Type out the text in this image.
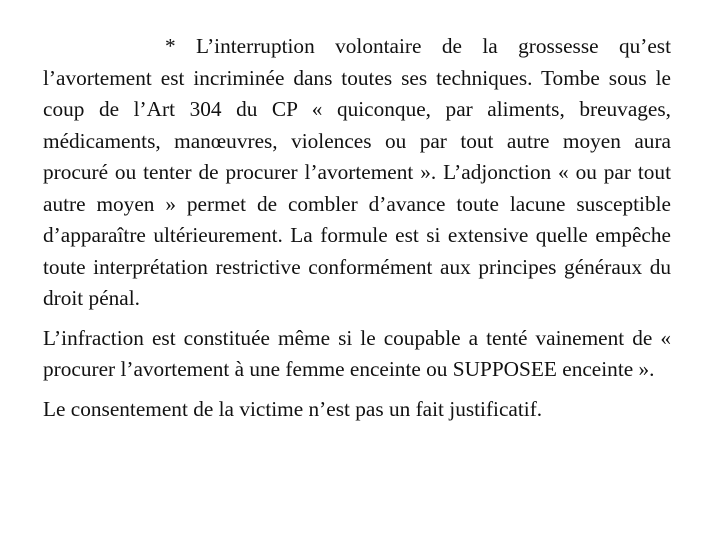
* L’interruption volontaire de la grossesse qu’est l’avortement est incriminée dans toutes ses techniques. Tombe sous le coup de l’Art 304 du CP « quiconque, par aliments, breuvages, médicaments, manœuvres, violences ou par tout autre moyen aura procuré ou tenter de procurer l’avortement ». L’adjonction « ou par tout autre moyen » permet de combler d’avance toute lacune susceptible d’apparaître ultérieurement. La formule est si extensive quelle empêche toute interprétation restrictive conformément aux principes généraux du droit pénal.

L’infraction est constituée même si le coupable a tenté vainement de « procurer l’avortement à une femme enceinte ou SUPPOSEE enceinte ».

Le consentement de la victime n’est pas un fait justificatif.
